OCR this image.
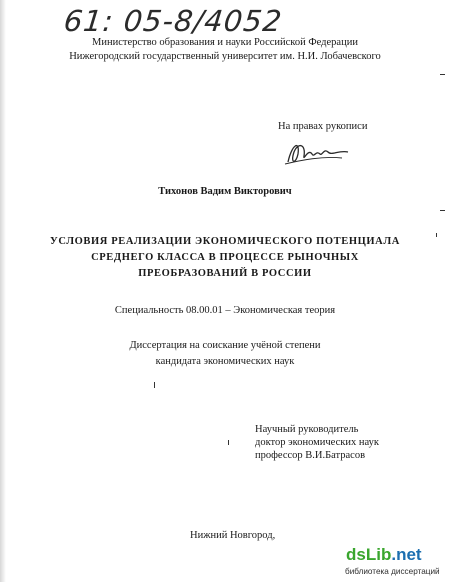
61: 05-8/4052
Министерство образования и науки Российской Федерации
Нижегородский государственный университет им. Н.И. Лобачевского
На правах рукописи
Тихонов Вадим Викторович
УСЛОВИЯ РЕАЛИЗАЦИИ ЭКОНОМИЧЕСКОГО ПОТЕНЦИАЛА
СРЕДНЕГО КЛАССА В ПРОЦЕССЕ РЫНОЧНЫХ
ПРЕОБРАЗОВАНИЙ В РОССИИ
Специальность 08.00.01 – Экономическая теория
Диссертация на соискание учёной степени
кандидата экономических наук
Научный руководитель
доктор экономических наук
профессор В.И.Батрасов
Нижний Новгород,
dsLib.net
библиотека диссертаций
